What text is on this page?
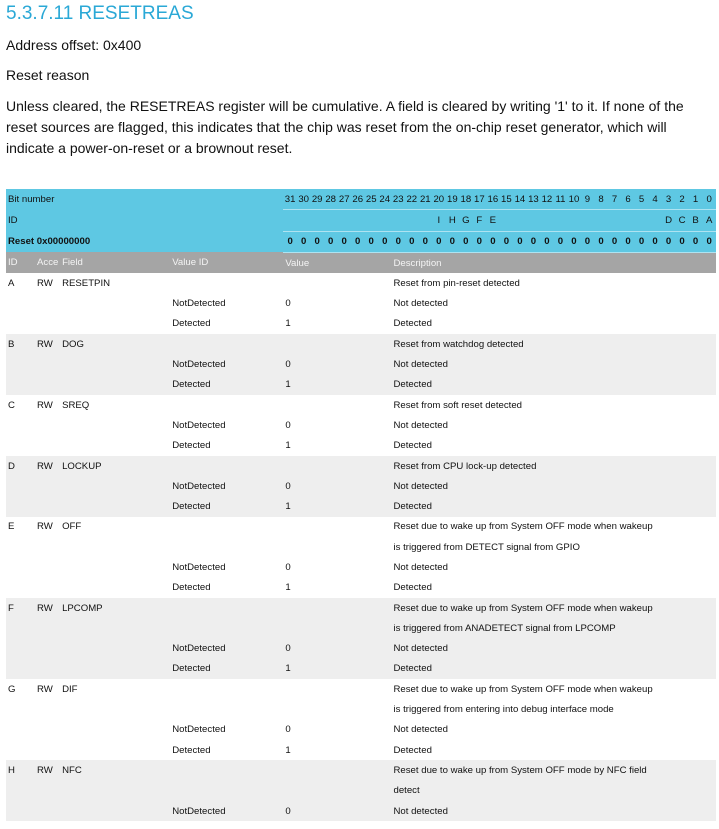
5.3.7.11 RESETREAS
Address offset: 0x400
Reset reason
Unless cleared, the RESETREAS register will be cumulative. A field is cleared by writing '1' to it. If none of the reset sources are flagged, this indicates that the chip was reset from the on-chip reset generator, which will indicate a power-on-reset or a brownout reset.
Bit number				31	30	29	28	27	26	25	24	23	22	21	20	19	18	17	16	15	14	13	12	11	10	9	8	7	6	5	4	3	2	1	0
ID															I	H	G	F	E													D	C	B	A
Reset 0x00000000				0	0	0	0	0	0	0	0	0	0	0	0	0	0	0	0	0	0	0	0	0	0	0	0	0	0	0	0	0	0	0	0
ID	Acce	Field	Value ID	Value								Description																							
A	RW	RESETPIN										Reset from pin-reset detected																							
			NotDetected	0								Not detected																							
			Detected	1								Detected																							
B	RW	DOG										Reset from watchdog detected																							
			NotDetected	0								Not detected																							
			Detected	1								Detected																							
C	RW	SREQ										Reset from soft reset detected																							
			NotDetected	0								Not detected																							
			Detected	1								Detected																							
D	RW	LOCKUP										Reset from CPU lock-up detected																							
			NotDetected	0								Not detected																							
			Detected	1								Detected																							
E	RW	OFF										Reset due to wake up from System OFF mode when wakeup																							
												is triggered from DETECT signal from GPIO																							
			NotDetected	0								Not detected																							
			Detected	1								Detected																							
F	RW	LPCOMP										Reset due to wake up from System OFF mode when wakeup																							
												is triggered from ANADETECT signal from LPCOMP																							
			NotDetected	0								Not detected																							
			Detected	1								Detected																							
G	RW	DIF										Reset due to wake up from System OFF mode when wakeup																							
												is triggered from entering into debug interface mode																							
			NotDetected	0								Not detected																							
			Detected	1								Detected																							
H	RW	NFC										Reset due to wake up from System OFF mode by NFC field																							
												detect																							
			NotDetected	0								Not detected																							
